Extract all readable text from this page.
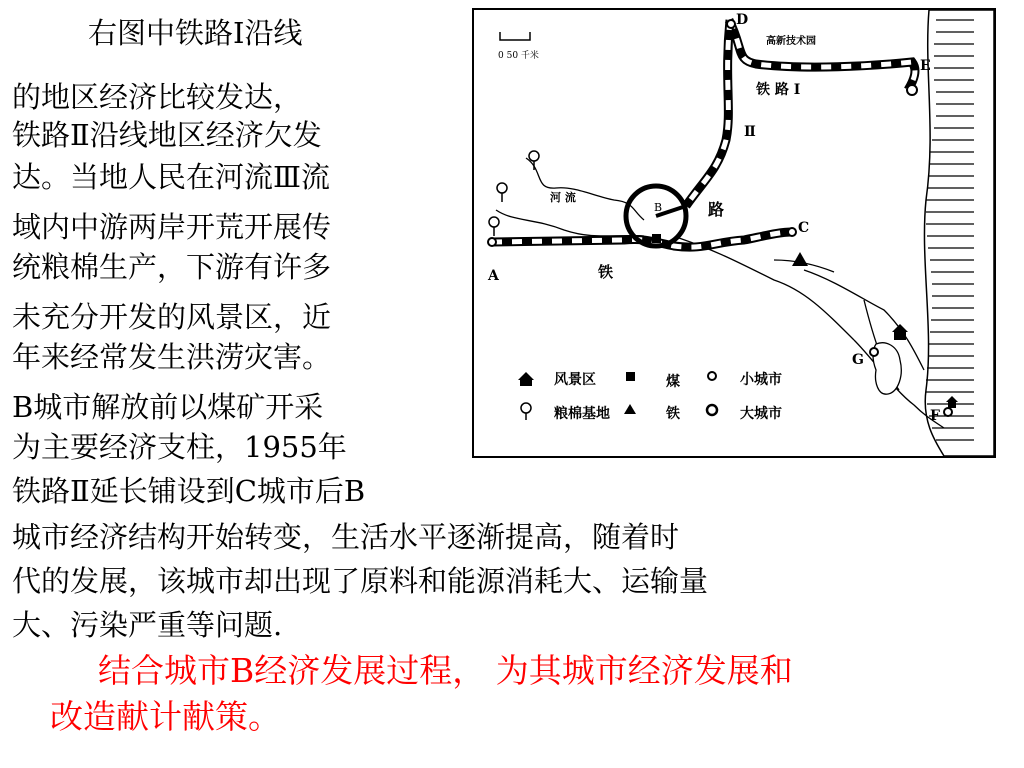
右图中铁路Ⅰ沿线
的地区经济比较发达，
铁路Ⅱ沿线地区经济欠发
达。当地人民在河流Ⅲ流
域内中游两岸开荒开展传
统粮棉生产，下游有许多
未充分开发的风景区，近
年来经常发生洪涝灾害。
B城市解放前以煤矿开采
为主要经济支柱，1955年
铁路Ⅱ延长铺设到C城市后B
城市经济结构开始转变，生活水平逐渐提高，随着时
代的发展，该城市却出现了原料和能源消耗大、运输量
大、污染严重等问题.
结合城市B经济发展过程， 为其城市经济发展和
改造献计献策。
0 50 千米
D
高新技术园
E
铁 路 Ⅰ
Ⅱ
河 流
B	路
C
A	铁
G
F
风景区	煤	小城市
粮棉基地	铁	大城市
